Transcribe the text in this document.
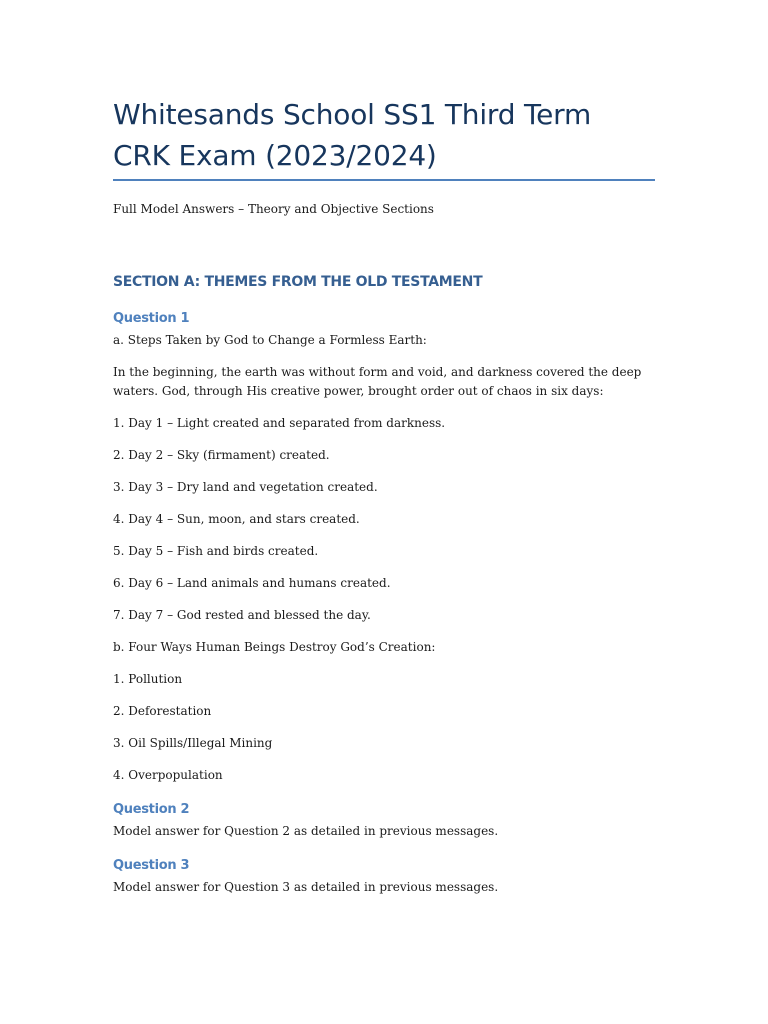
Whitesands School SS1 Third Term CRK Exam (2023/2024)

Full Model Answers – Theory and Objective Sections

SECTION A: THEMES FROM THE OLD TESTAMENT
Question 1

a. Steps Taken by God to Change a Formless Earth:

In the beginning, the earth was without form and void, and darkness covered the deep waters. God, through His creative power, brought order out of chaos in six days:

1. Day 1 – Light created and separated from darkness.

2. Day 2 – Sky (firmament) created.

3. Day 3 – Dry land and vegetation created.

4. Day 4 – Sun, moon, and stars created.

5. Day 5 – Fish and birds created.

6. Day 6 – Land animals and humans created.

7. Day 7 – God rested and blessed the day.

b. Four Ways Human Beings Destroy God’s Creation:

1. Pollution

2. Deforestation

3. Oil Spills/Illegal Mining

4. Overpopulation

Question 2

Model answer for Question 2 as detailed in previous messages.

Question 3

Model answer for Question 3 as detailed in previous messages.
